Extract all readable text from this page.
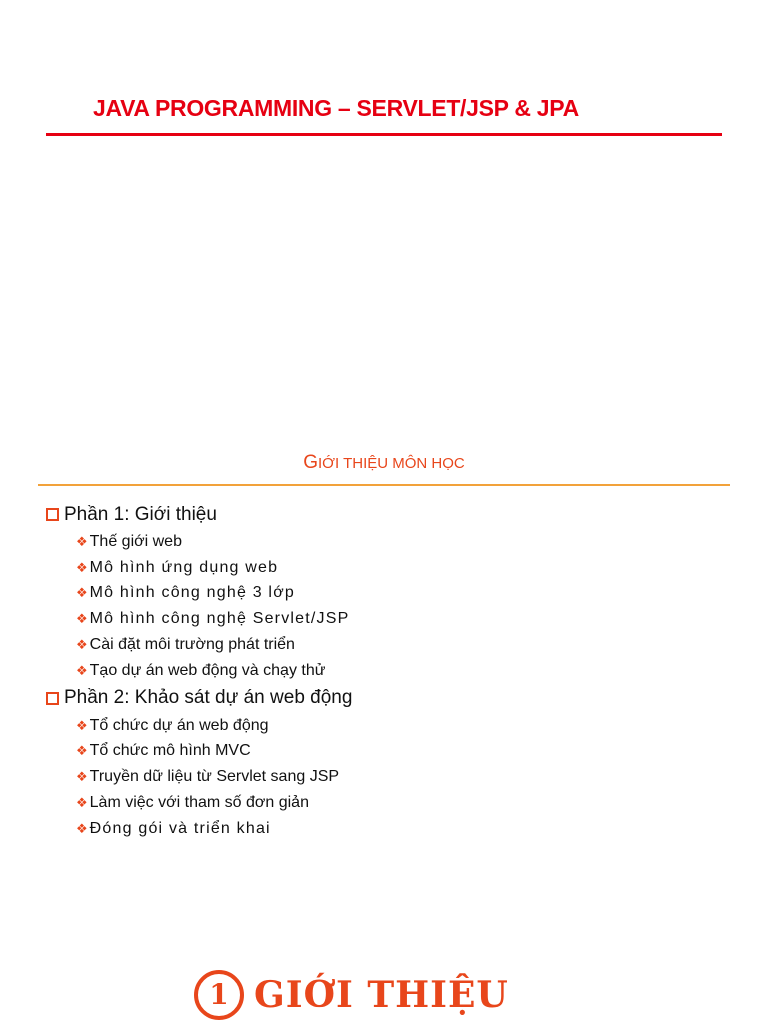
JAVA PROGRAMMING – SERVLET/JSP & JPA
GIỚI THIỆU MÔN HỌC
Phần 1: Giới thiệu
❖ Thế giới web
❖ Mô hình ứng dụng web
❖ Mô hình công nghệ 3 lớp
❖ Mô hình công nghệ Servlet/JSP
❖ Cài đặt môi trường phát triển
❖ Tạo dự án web động và chạy thử
Phần 2: Khảo sát dự án web động
❖ Tổ chức dự án web động
❖ Tổ chức mô hình MVC
❖ Truyền dữ liệu từ Servlet sang JSP
❖ Làm việc với tham số đơn giản
❖ Đóng gói và triển khai
1 GIỚI THIỆU
